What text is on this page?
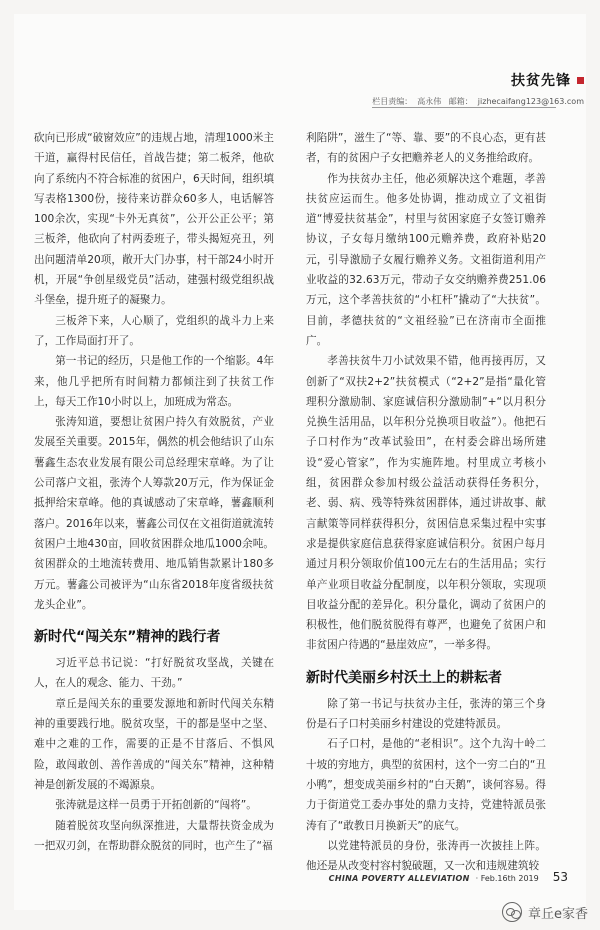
扶贫先锋
栏目责编： 高永伟 邮箱： jizhecaifang123@163.com

砍向已形成“破窗效应”的违规占地，清理1000米主干道，赢得村民信任，首战告捷；第二板斧，他砍向了系统内不符合标准的贫困户，6天时间，组织填写表格1300份，接待来访群众60多人，电话解答100余次，实现“卡外无真贫”，公开公正公平；第三板斧，他砍向了村两委班子，带头揭短亮丑，列出问题清单20项，敞开大门办事，村干部24小时开机，开展“争创星级党员”活动，建强村级党组织战斗堡垒，提升班子的凝聚力。

三板斧下来，人心顺了，党组织的战斗力上来了，工作局面打开了。

第一书记的经历，只是他工作的一个缩影。4年来，他几乎把所有时间精力都倾注到了扶贫工作上，每天工作10小时以上，加班成为常态。

张涛知道，要想让贫困户持久有效脱贫，产业发展至关重要。2015年，偶然的机会他结识了山东薯鑫生态农业发展有限公司总经理宋章峰。为了让公司落户文祖，张涛个人筹款20万元，作为保证金抵押给宋章峰。他的真诚感动了宋章峰，薯鑫顺利落户。2016年以来，薯鑫公司仅在文祖街道就流转贫困户土地430亩，回收贫困群众地瓜1000余吨。贫困群众的土地流转费用、地瓜销售款累计180多万元。薯鑫公司被评为“山东省2018年度省级扶贫龙头企业”。

新时代“闯关东”精神的践行者

习近平总书记说：“打好脱贫攻坚战，关键在人，在人的观念、能力、干劲。”

章丘是闯关东的重要发源地和新时代闯关东精神的重要践行地。脱贫攻坚，干的都是坚中之坚、难中之难的工作，需要的正是不甘落后、不惧风险，敢闯敢创、善作善成的“闯关东”精神，这种精神是创新发展的不竭源泉。

张涛就是这样一员勇于开拓创新的“闯将”。

随着脱贫攻坚向纵深推进，大量帮扶资金成为一把双刃剑，在帮助群众脱贫的同时，也产生了“福

利陷阱”，滋生了“等、靠、要”的不良心态，更有甚者，有的贫困户子女把赡养老人的义务推给政府。

作为扶贫办主任，他必须解决这个难题，孝善扶贫应运而生。他多处协调，推动成立了文祖街道“博爱扶贫基金”，村里与贫困家庭子女签订赡养协议，子女每月缴纳100元赡养费，政府补贴20元，引导激励子女履行赡养义务。文祖街道利用产业收益的32.63万元，带动子女交纳赡养费251.06万元，这个孝善扶贫的“小杠杆”撬动了“大扶贫”。目前，孝德扶贫的“文祖经验”已在济南市全面推广。

孝善扶贫牛刀小试效果不错，他再接再厉，又创新了“双扶2+2”扶贫模式（“2+2”是指“量化管理积分激励制、家庭诚信积分激励制”+“以月积分兑换生活用品，以年积分兑换项目收益”）。他把石子口村作为“改革试验田”，在村委会辟出场所建设“爱心管家”，作为实施阵地。村里成立考核小组，贫困群众参加村级公益活动获得任务积分，老、弱、病、残等特殊贫困群体，通过讲故事、献言献策等同样获得积分，贫困信息采集过程中实事求是提供家庭信息获得家庭诚信积分。贫困户每月通过月积分领取价值100元左右的生活用品；实行单产业项目收益分配制度，以年积分领取，实现项目收益分配的差异化。积分量化，调动了贫困户的积极性，他们脱贫脱得有尊严，也避免了贫困户和非贫困户待遇的“悬崖效应”，一举多得。

新时代美丽乡村沃土上的耕耘者

除了第一书记与扶贫办主任，张涛的第三个身份是石子口村美丽乡村建设的党建特派员。

石子口村，是他的“老相识”。这个九沟十岭二十坡的穷地方，典型的贫困村，这个一穷二白的“丑小鸭”，想变成美丽乡村的“白天鹅”，谈何容易。得力于街道党工委办事处的鼎力支持，党建特派员张涛有了“敢教日月换新天”的底气。

以党建特派员的身份，张涛再一次披挂上阵。他还是从改变村容村貌破题，又一次和违规建筑较

CHINA POVERTY ALLEVIATION · Feb.16th 2019 53
章丘e家香
